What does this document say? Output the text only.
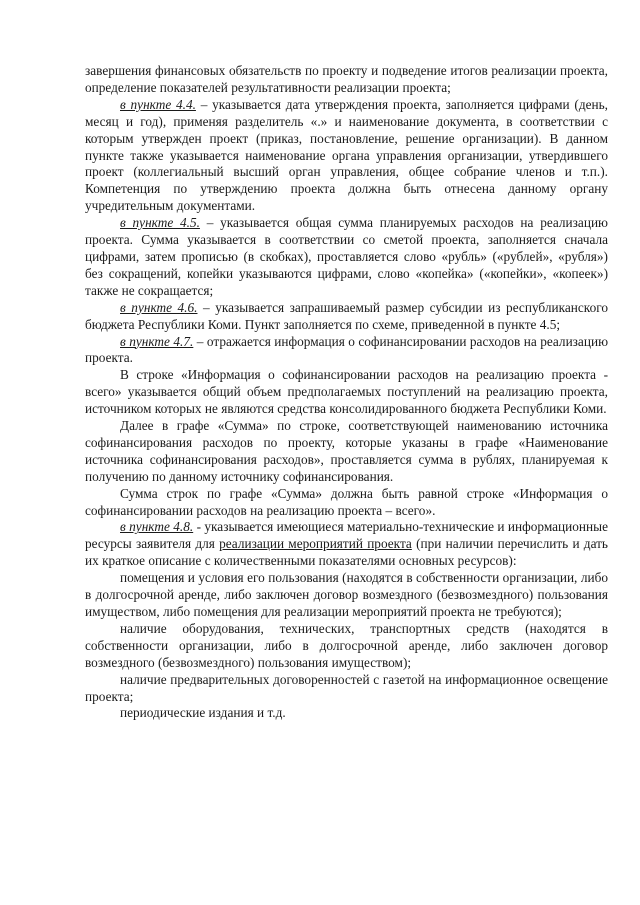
завершения финансовых обязательств по проекту и подведение итогов реализации проекта, определение показателей результативности реализации проекта;

в пункте 4.4. – указывается дата утверждения проекта, заполняется цифрами (день, месяц и год), применяя разделитель «.» и наименование документа, в соответствии с которым утвержден проект (приказ, постановление, решение организации). В данном пункте также указывается наименование органа управления организации, утвердившего проект (коллегиальный высший орган управления, общее собрание членов и т.п.). Компетенция по утверждению проекта должна быть отнесена данному органу учредительным документами.

в пункте 4.5. – указывается общая сумма планируемых расходов на реализацию проекта. Сумма указывается в соответствии со сметой проекта, заполняется сначала цифрами, затем прописью (в скобках), проставляется слово «рубль» («рублей», «рубля») без сокращений, копейки указываются цифрами, слово «копейка» («копейки», «копеек») также не сокращается;

в пункте 4.6. – указывается запрашиваемый размер субсидии из республиканского бюджета Республики Коми. Пункт заполняется по схеме, приведенной в пункте 4.5;

в пункте 4.7. – отражается информация о софинансировании расходов на реализацию проекта.

В строке «Информация о софинансировании расходов на реализацию проекта - всего» указывается общий объем предполагаемых поступлений на реализацию проекта, источником которых не являются средства консолидированного бюджета Республики Коми.

Далее в графе «Сумма» по строке, соответствующей наименованию источника софинансирования расходов по проекту, которые указаны в графе «Наименование источника софинансирования расходов», проставляется сумма в рублях, планируемая к получению по данному источнику софинансирования.

Сумма строк по графе «Сумма» должна быть равной строке «Информация о софинансировании расходов на реализацию проекта – всего».

в пункте 4.8. - указывается имеющиеся материально-технические и информационные ресурсы заявителя для реализации мероприятий проекта (при наличии перечислить и дать их краткое описание с количественными показателями основных ресурсов):

помещения и условия его пользования (находятся в собственности организации, либо в долгосрочной аренде, либо заключен договор возмездного (безвозмездного) пользования имуществом, либо помещения для реализации мероприятий проекта не требуются);

наличие оборудования, технических, транспортных средств (находятся в собственности организации, либо в долгосрочной аренде, либо заключен договор возмездного (безвозмездного) пользования имуществом);

наличие предварительных договоренностей с газетой на информационное освещение проекта;

периодические издания и т.д.
